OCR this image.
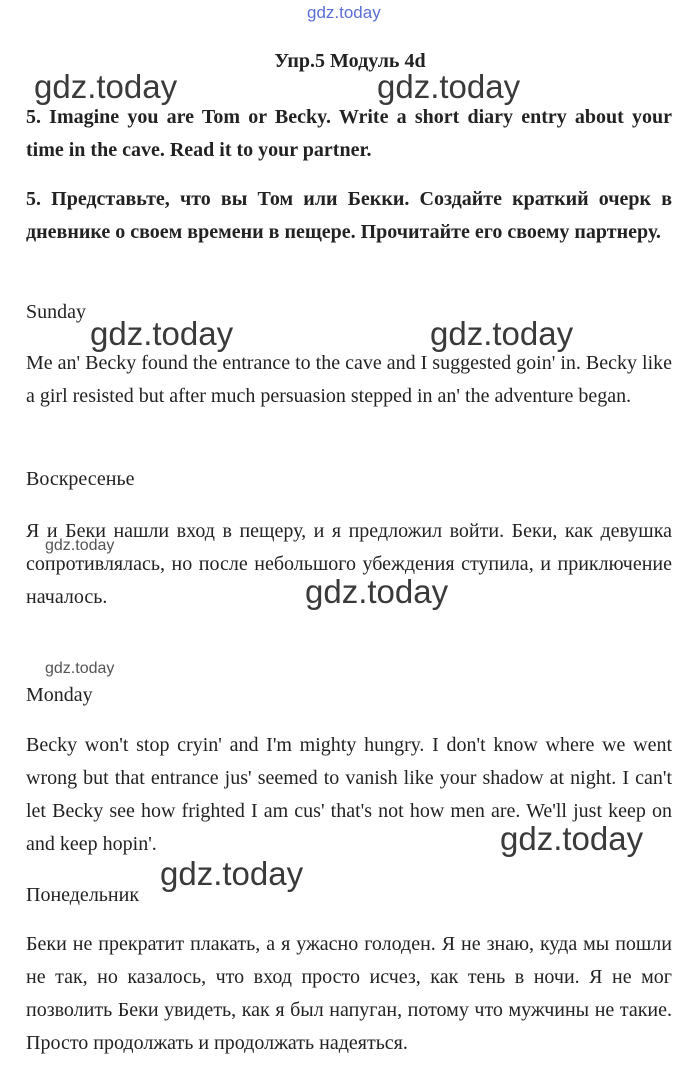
gdz.today
gdz.today	gdz.today
gdz.today	gdz.today
gdz.today
gdz.today
gdz.today
gdz.today
gdz.today
Упр.5 Модуль 4d
5. Imagine you are Tom or Becky. Write a short diary entry about your time in the cave. Read it to your partner.
5. Представьте, что вы Том или Бекки. Создайте краткий очерк в дневнике о своем времени в пещере. Прочитайте его своему партнеру.
Sunday
Me an' Becky found the entrance to the cave and I suggested goin' in. Becky like a girl resisted but after much persuasion stepped in an' the adventure began.
Воскресенье
Я и Беки нашли вход в пещеру, и я предложил войти. Беки, как девушка сопротивлялась, но после небольшого убеждения ступила, и приключение началось.
Monday
Becky won't stop cryin' and I'm mighty hungry. I don't know where we went wrong but that entrance jus' seemed to vanish like your shadow at night. I can't let Becky see how frighted I am cus' that's not how men are. We'll just keep on and keep hopin'.
Понедельник
Беки не прекратит плакать, а я ужасно голоден. Я не знаю, куда мы пошли не так, но казалось, что вход просто исчез, как тень в ночи. Я не мог позволить Беки увидеть, как я был напуган, потому что мужчины не такие. Просто продолжать и продолжать надеяться.
